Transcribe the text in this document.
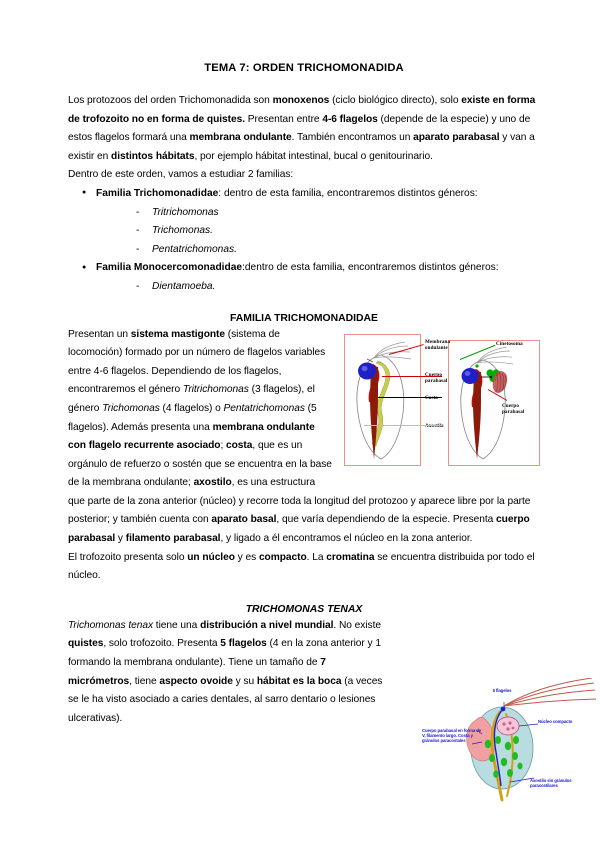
TEMA 7: ORDEN TRICHOMONADIDA

Los protozoos del orden Trichomonadida son monoxenos (ciclo biológico directo), solo existe en forma de trofozoito no en forma de quistes. Presentan entre 4-6 flagelos (depende de la especie) y uno de estos flagelos formará una membrana ondulante. También encontramos un aparato parabasal y van a existir en distintos hábitats, por ejemplo hábitat intestinal, bucal o genitourinario.

Dentro de este orden, vamos a estudiar 2 familias:

● Familia Trichomonadidae: dentro de esta familia, encontraremos distintos géneros:
- Tritrichomonas
- Trichomonas.
- Pentatrichomonas.
● Familia Monocercomonadidae:dentro de esta familia, encontraremos distintos géneros:
- Dientamoeba.
FAMILIA TRICHOMONADIDAE
Membrana ondulante
Cuerpo parabasal
Costa
Axostilo
Cinetosoma
Cuerpo parabasal

Presentan un sistema mastigonte (sistema de locomoción) formado por un número de flagelos variables entre 4-6 flagelos. Dependiendo de los flagelos, encontraremos el género Tritrichomonas (3 flagelos), el género Trichomonas (4 flagelos) o Pentatrichomonas (5 flagelos). Además presenta una membrana ondulante con flagelo recurrente asociado; costa, que es un orgánulo de refuerzo o sostén que se encuentra en la base de la membrana ondulante; axostilo, es una estructura que parte de la zona anterior (núcleo) y recorre toda la longitud del protozoo y aparece libre por la parte posterior; y también cuenta con aparato basal, que varía dependiendo de la especie. Presenta cuerpo parabasal y filamento parabasal, y ligado a él encontramos el núcleo en la zona anterior.

El trofozoito presenta solo un núcleo y es compacto. La cromatina se encuentra distribuida por todo el núcleo.

TRICHOMONAS TENAX

Trichomonas tenax tiene una distribución a nivel mundial. No existe quistes, solo trofozoito. Presenta 5 flagelos (4 en la zona anterior y 1 formando la membrana ondulante). Tiene un tamaño de 7 micrómetros, tiene aspecto ovoide y su hábitat es la boca (a veces se le ha visto asociado a caries dentales, al sarro dentario o lesiones ulcerativas).

5 flagelos
Núcleo compacto
Cuerpo parabasal en forma de V, filamento largo. Costa y gránulos paracostales
Axostilo sin gránulos paraxostilares
